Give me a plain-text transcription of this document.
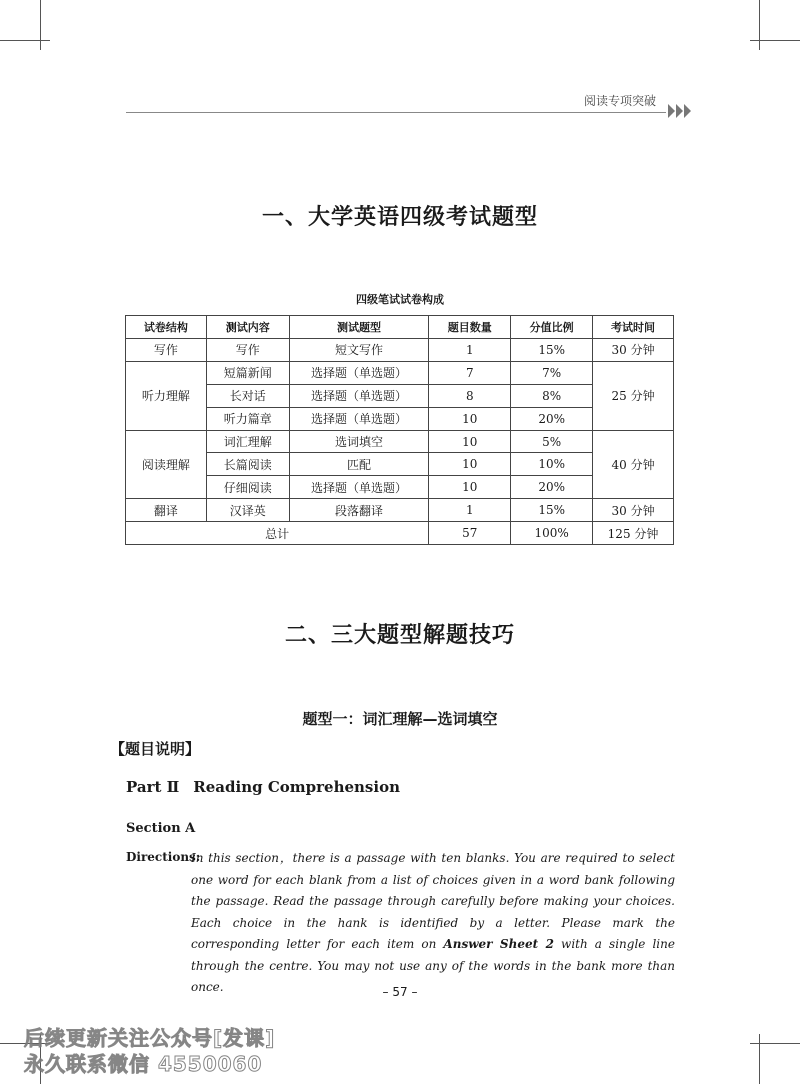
阅读专项突破
一、大学英语四级考试题型
四级笔试试卷构成
试卷结构	测试内容	测试题型	题目数量	分值比例	考试时间
写作	写作	短文写作	1	15%	30 分钟
听力理解	短篇新闻	选择题（单选题）	7	7%	25 分钟
	长对话	选择题（单选题）	8	8%	
	听力篇章	选择题（单选题）	10	20%	
阅读理解	词汇理解	选词填空	10	5%	40 分钟
	长篇阅读	匹配	10	10%	
	仔细阅读	选择题（单选题）	10	20%	
翻译	汉译英	段落翻译	1	15%	30 分钟
总计			57	100%	125 分钟
二、三大题型解题技巧
题型一：词汇理解—选词填空
【题目说明】
Part Ⅱ Reading Comprehension
Section A
Directions:
In this section，there is a passage with ten blanks. You are required to select one word for each blank from a list of choices given in a word bank following the passage. Read the passage through carefully before making your choices. Each choice in the hank is identified by a letter. Please mark the corresponding letter for each item on Answer Sheet 2 with a single line through the centre. You may not use any of the words in the bank more than once.	– 57 –
后续更新关注公众号[发课]
永久联系微信 4550060
